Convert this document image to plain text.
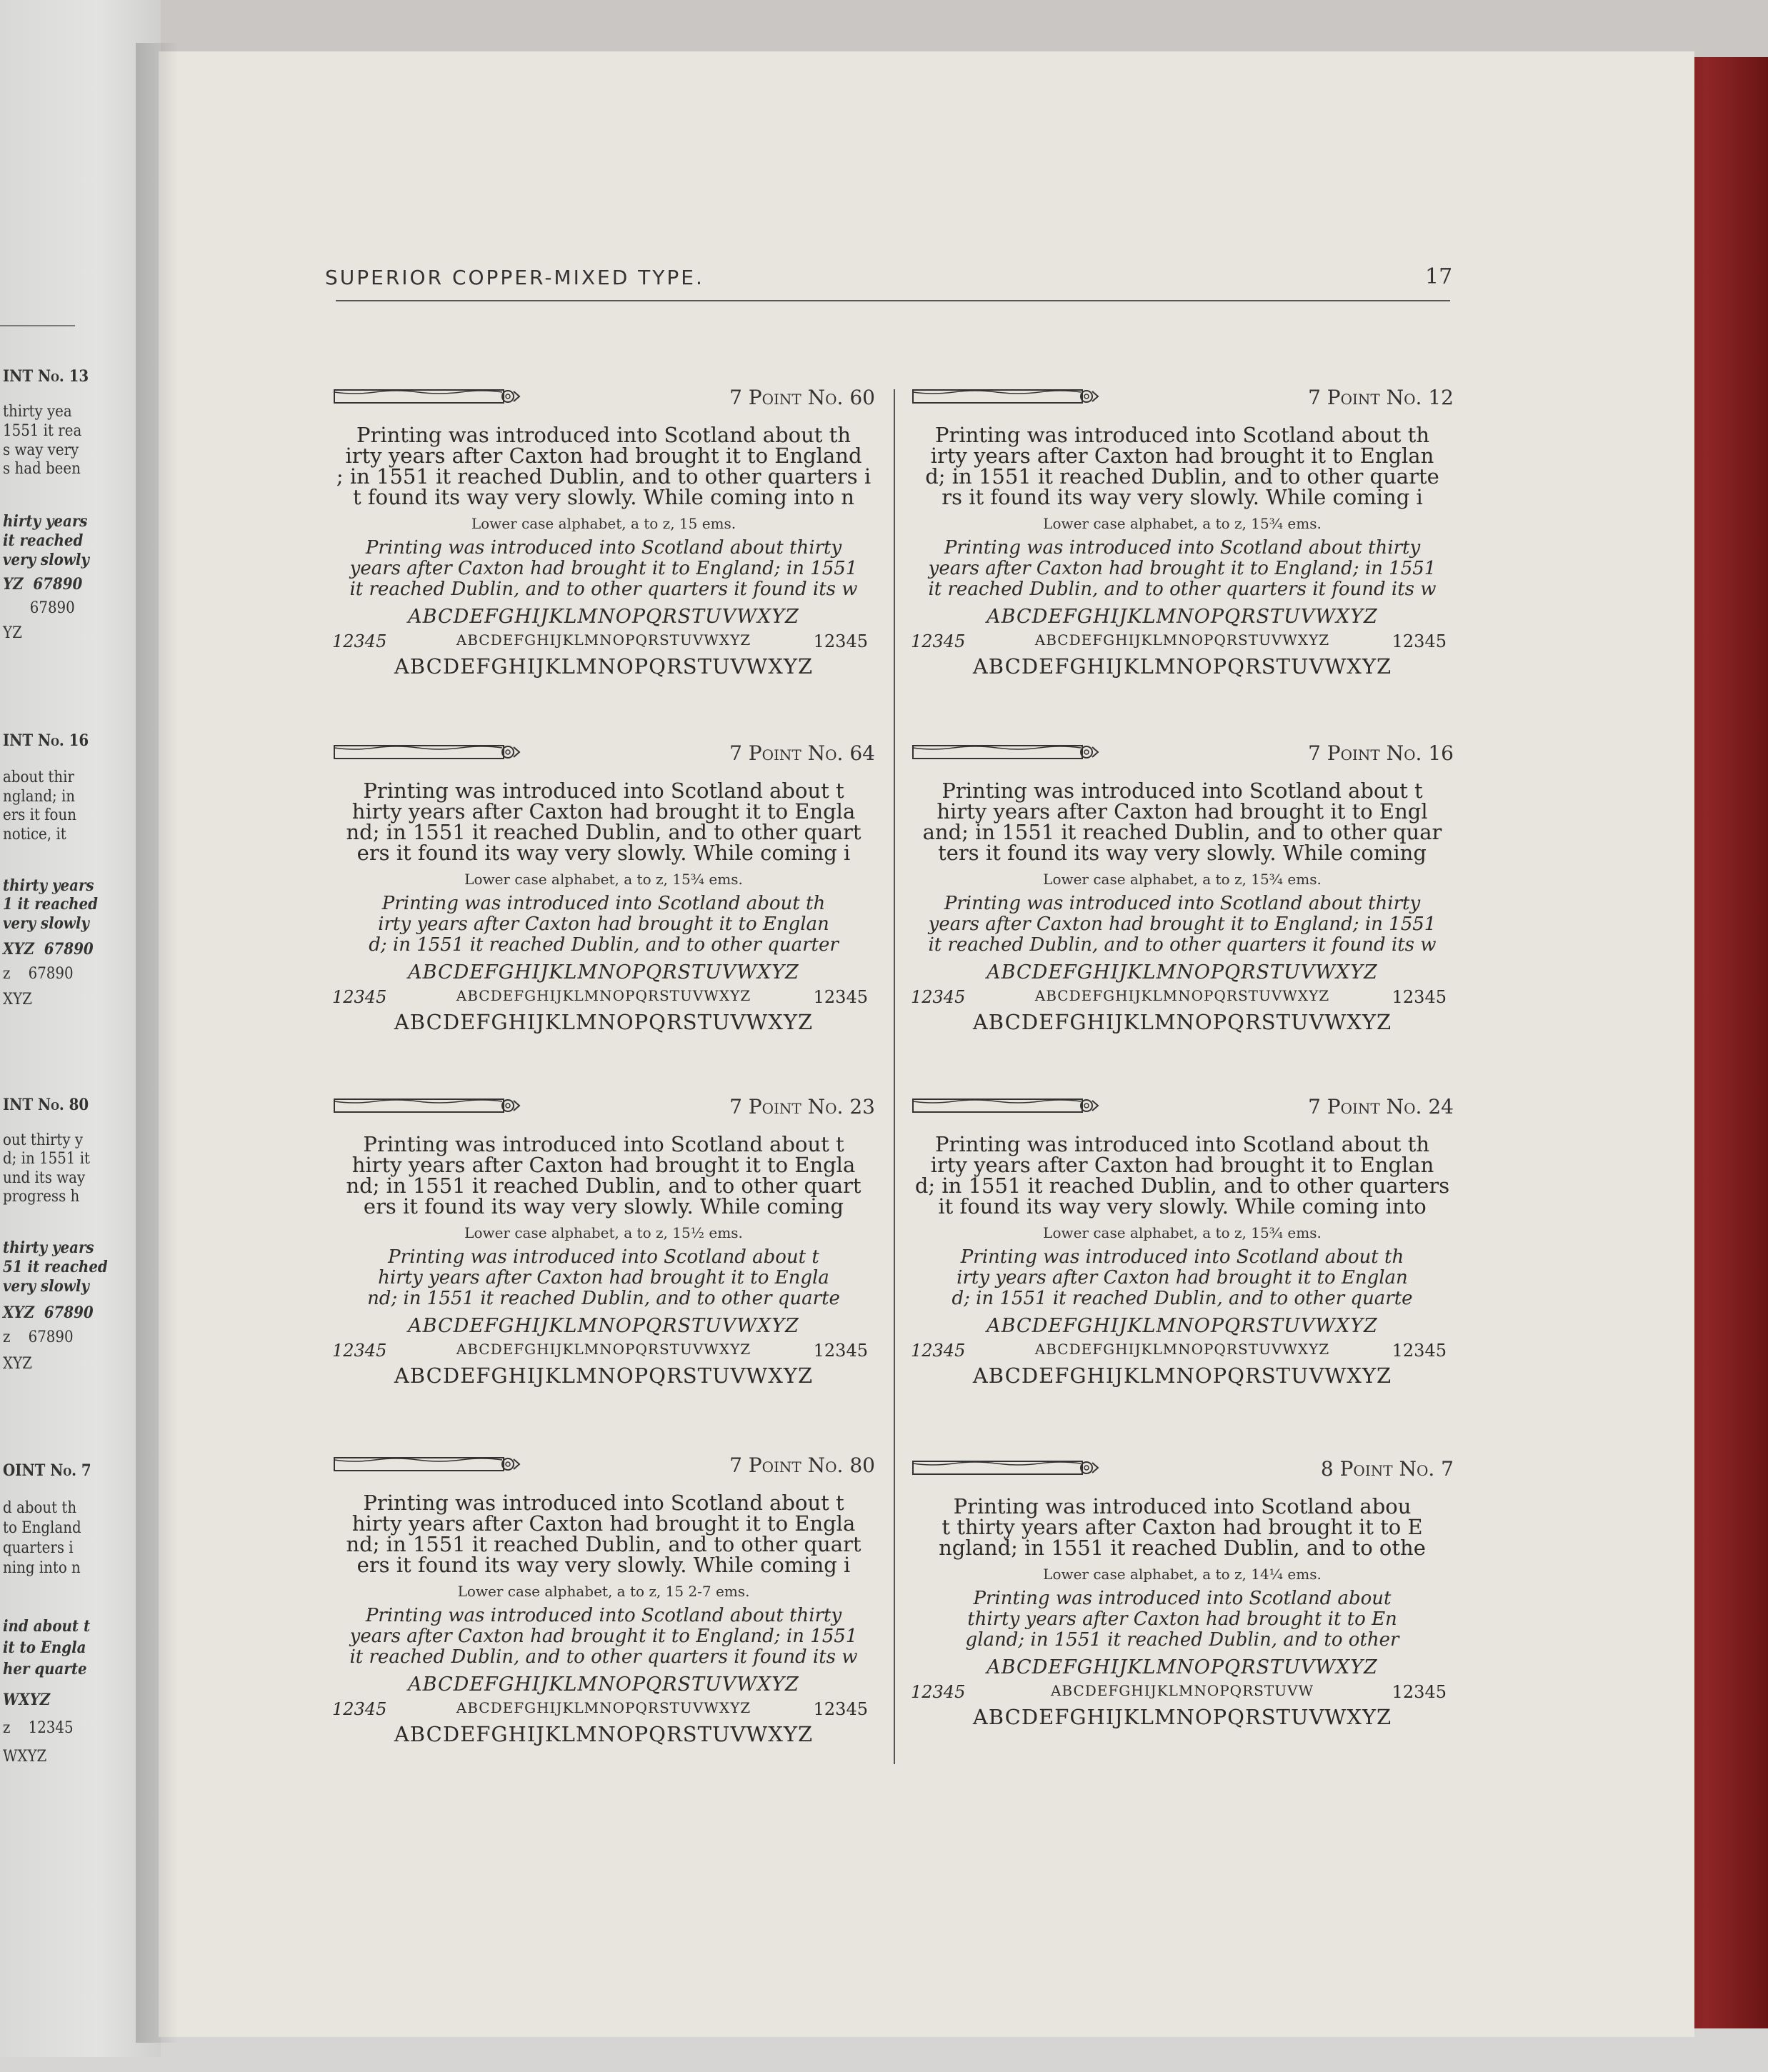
INT No. 13
thirty yea
1551 it rea
s way very
s had been
hirty years
it reached
very slowly
YZ  67890
67890
YZ
INT No. 16
about thir
ngland; in
ers it foun
notice, it
thirty years
1 it reached
very slowly
XYZ  67890
z    67890
XYZ
INT No. 80
out thirty y
d; in 1551 it
und its way
progress h
thirty years
51 it reached
very slowly
XYZ  67890
z    67890
XYZ
OINT No. 7
d about th
to England
quarters i
ning into n
ind about t
it to Engla
her quarte
WXYZ
z    12345
WXYZ
SUPERIOR COPPER-MIXED TYPE.	17
7 Point No. 60
Printing was introduced into Scotland about th
irty years after Caxton had brought it to England
; in 1551 it reached Dublin, and to other quarters i
t found its way very slowly. While coming into n
Lower case alphabet, a to z, 15 ems.
Printing was introduced into Scotland about thirty
years after Caxton had brought it to England; in 1551
it reached Dublin, and to other quarters it found its w
ABCDEFGHIJKLMNOPQRSTUVWXYZ
ABCDEFGHIJKLMNOPQRSTUVWXYZ
12345	12345
ABCDEFGHIJKLMNOPQRSTUVWXYZ
7 Point No. 12
Printing was introduced into Scotland about th
irty years after Caxton had brought it to Englan
d; in 1551 it reached Dublin, and to other quarte
rs it found its way very slowly. While coming i
Lower case alphabet, a to z, 15¾ ems.
Printing was introduced into Scotland about thirty
years after Caxton had brought it to England; in 1551
it reached Dublin, and to other quarters it found its w
ABCDEFGHIJKLMNOPQRSTUVWXYZ
ABCDEFGHIJKLMNOPQRSTUVWXYZ
12345	12345
ABCDEFGHIJKLMNOPQRSTUVWXYZ
7 Point No. 64
Printing was introduced into Scotland about t
hirty years after Caxton had brought it to Engla
nd; in 1551 it reached Dublin, and to other quart
ers it found its way very slowly. While coming i
Lower case alphabet, a to z, 15¾ ems.
Printing was introduced into Scotland about th
irty years after Caxton had brought it to Englan
d; in 1551 it reached Dublin, and to other quarter
ABCDEFGHIJKLMNOPQRSTUVWXYZ
ABCDEFGHIJKLMNOPQRSTUVWXYZ
12345	12345
ABCDEFGHIJKLMNOPQRSTUVWXYZ
7 Point No. 16
Printing was introduced into Scotland about t
hirty years after Caxton had brought it to Engl
and; in 1551 it reached Dublin, and to other quar
ters it found its way very slowly. While coming
Lower case alphabet, a to z, 15¾ ems.
Printing was introduced into Scotland about thirty
years after Caxton had brought it to England; in 1551
it reached Dublin, and to other quarters it found its w
ABCDEFGHIJKLMNOPQRSTUVWXYZ
ABCDEFGHIJKLMNOPQRSTUVWXYZ
12345	12345
ABCDEFGHIJKLMNOPQRSTUVWXYZ
7 Point No. 23
Printing was introduced into Scotland about t
hirty years after Caxton had brought it to Engla
nd; in 1551 it reached Dublin, and to other quart
ers it found its way very slowly. While coming
Lower case alphabet, a to z, 15½ ems.
Printing was introduced into Scotland about t
hirty years after Caxton had brought it to Engla
nd; in 1551 it reached Dublin, and to other quarte
ABCDEFGHIJKLMNOPQRSTUVWXYZ
ABCDEFGHIJKLMNOPQRSTUVWXYZ
12345	12345
ABCDEFGHIJKLMNOPQRSTUVWXYZ
7 Point No. 24
Printing was introduced into Scotland about th
irty years after Caxton had brought it to Englan
d; in 1551 it reached Dublin, and to other quarters
it found its way very slowly. While coming into
Lower case alphabet, a to z, 15¾ ems.
Printing was introduced into Scotland about th
irty years after Caxton had brought it to Englan
d; in 1551 it reached Dublin, and to other quarte
ABCDEFGHIJKLMNOPQRSTUVWXYZ
ABCDEFGHIJKLMNOPQRSTUVWXYZ
12345	12345
ABCDEFGHIJKLMNOPQRSTUVWXYZ
7 Point No. 80
Printing was introduced into Scotland about t
hirty years after Caxton had brought it to Engla
nd; in 1551 it reached Dublin, and to other quart
ers it found its way very slowly. While coming i
Lower case alphabet, a to z, 15 2-7 ems.
Printing was introduced into Scotland about thirty
years after Caxton had brought it to England; in 1551
it reached Dublin, and to other quarters it found its w
ABCDEFGHIJKLMNOPQRSTUVWXYZ
ABCDEFGHIJKLMNOPQRSTUVWXYZ
12345	12345
ABCDEFGHIJKLMNOPQRSTUVWXYZ
8 Point No. 7
Printing was introduced into Scotland abou
t thirty years after Caxton had brought it to E
ngland; in 1551 it reached Dublin, and to othe
Lower case alphabet, a to z, 14¼ ems.
Printing was introduced into Scotland about
thirty years after Caxton had brought it to En
gland; in 1551 it reached Dublin, and to other
ABCDEFGHIJKLMNOPQRSTUVWXYZ
ABCDEFGHIJKLMNOPQRSTUVW
12345	12345
ABCDEFGHIJKLMNOPQRSTUVWXYZ
